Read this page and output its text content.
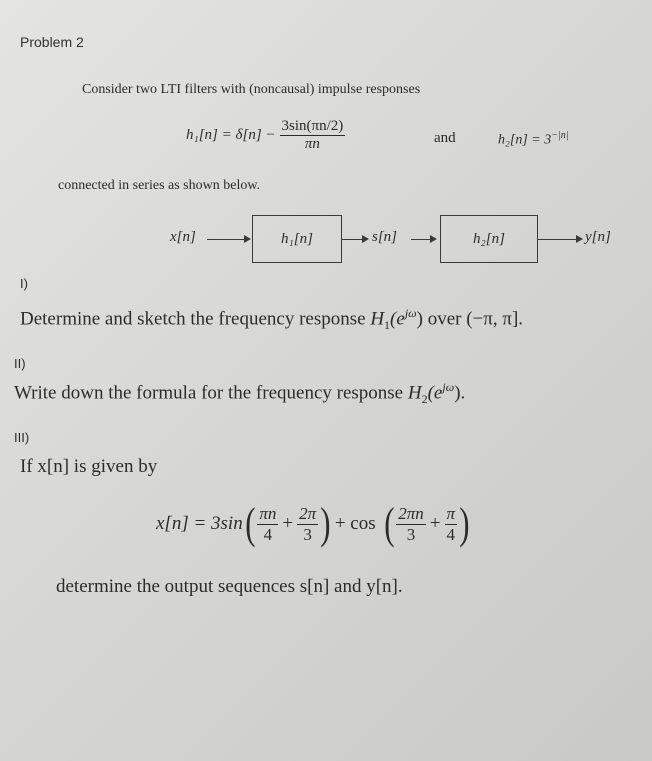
Problem 2
Consider two LTI filters with (noncausal) impulse responses
$h_1[n] = \delta[n] - \frac{3\sin(\pi n/2)}{\pi n}$	and	$h_2[n] = 3^{-|n|}$
connected in series as shown below.
x[n]	h₁[n]	s[n]	h₂[n]	y[n]
I)
Determine and sketch the frequency response $H_1(e^{j\omega})$ over (−π, π].
II)
Write down the formula for the frequency response $H_2(e^{j\omega})$.
III)
If x[n] is given by
x[n] = 3sin ( $\frac{\pi n}{4} + \frac{2\pi}{3}$ ) + cos ( $\frac{2\pi n}{3} + \frac{\pi}{4}$ )
determine the output sequences s[n] and y[n].
